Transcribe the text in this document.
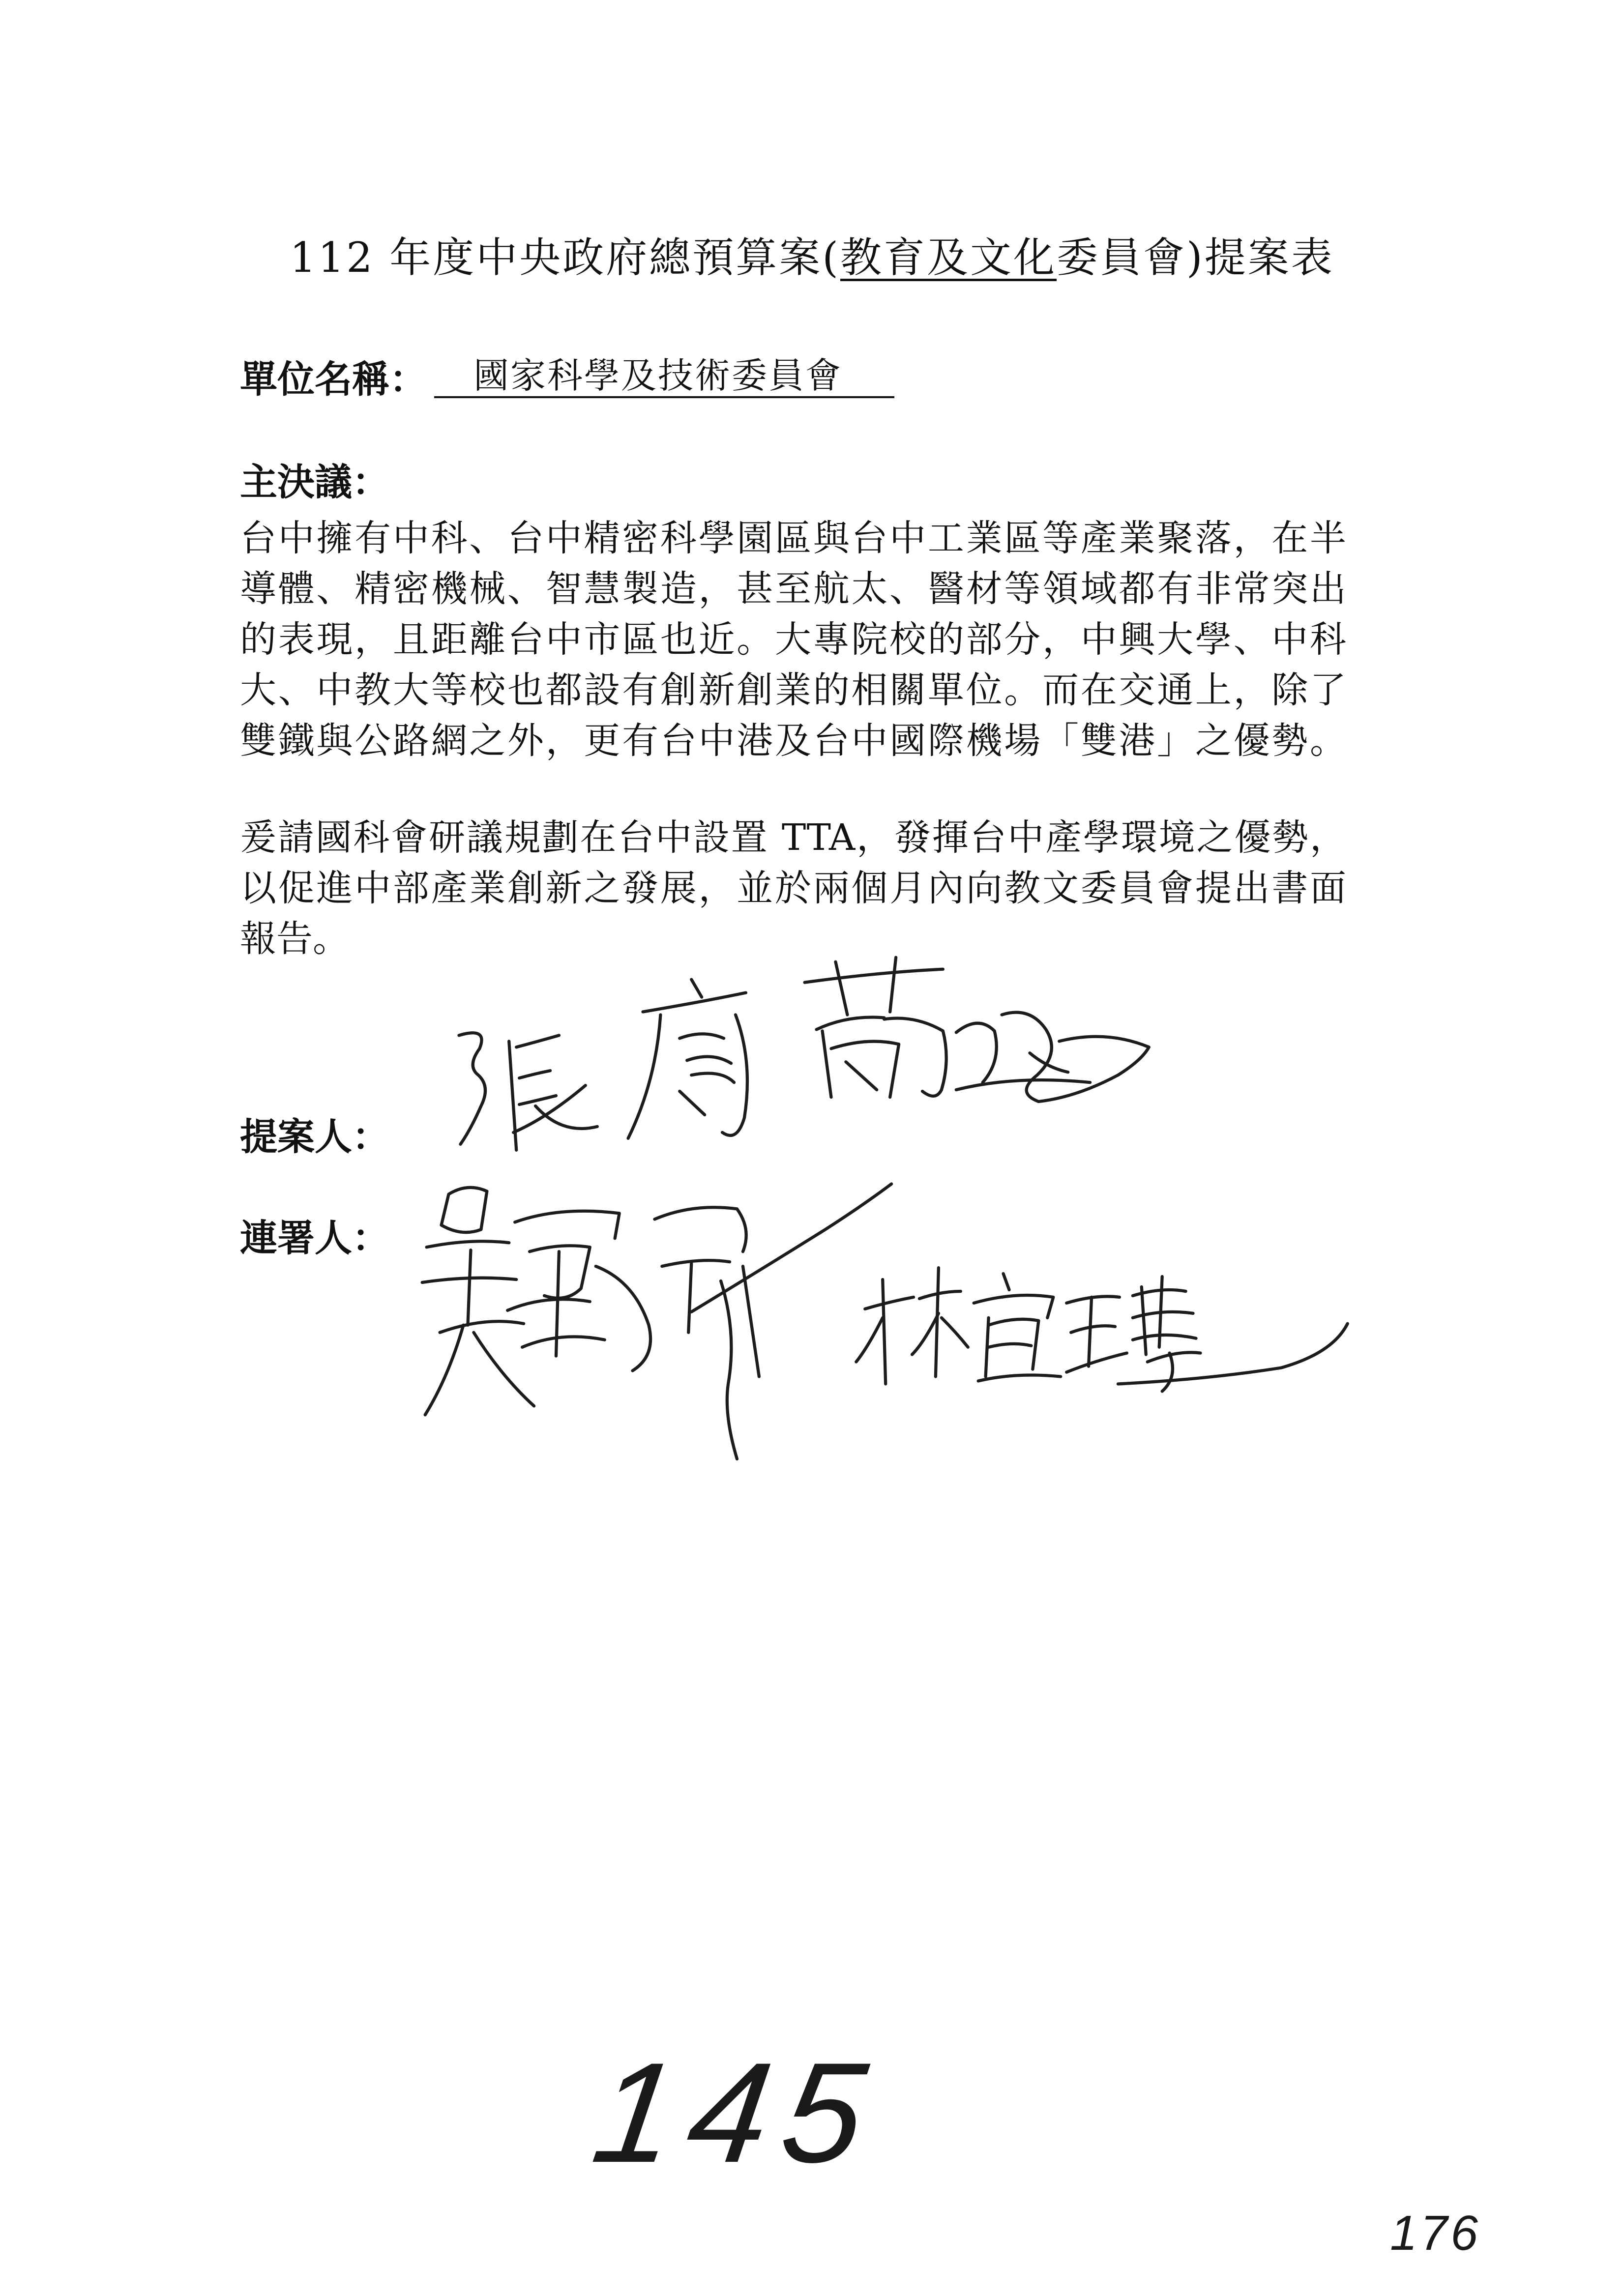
112 年度中央政府總預算案(教育及文化委員會)提案表
單位名稱：	國家科學及技術委員會
主決議：
台中擁有中科、台中精密科學園區與台中工業區等產業聚落，在半
導體、精密機械、智慧製造，甚至航太、醫材等領域都有非常突出
的表現，且距離台中市區也近。大專院校的部分，中興大學、中科
大、中教大等校也都設有創新創業的相關單位。而在交通上，除了
雙鐵與公路網之外，更有台中港及台中國際機場「雙港」之優勢。
爰請國科會研議規劃在台中設置 TTA，發揮台中產學環境之優勢，
以促進中部產業創新之發展，並於兩個月內向教文委員會提出書面
報告。
提案人：
連署人：
145
176
